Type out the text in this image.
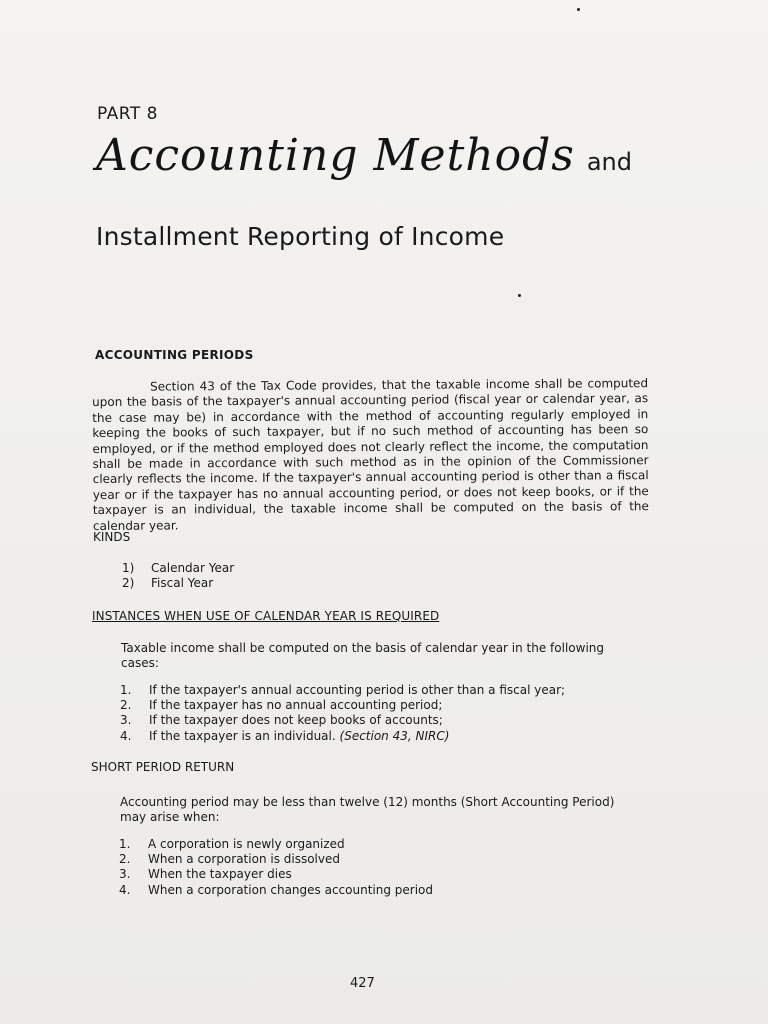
PART 8
Accounting Methods and
Installment Reporting of Income
ACCOUNTING PERIODS

Section 43 of the Tax Code provides, that the taxable income shall be computed upon the basis of the taxpayer's annual accounting period (fiscal year or calendar year, as the case may be) in accordance with the method of accounting regularly employed in keeping the books of such taxpayer, but if no such method of accounting has been so employed, or if the method employed does not clearly reflect the income, the computation shall be made in accordance with such method as in the opinion of the Commissioner clearly reflects the income. If the taxpayer's annual accounting period is other than a fiscal year or if the taxpayer has no annual accounting period, or does not keep books, or if the taxpayer is an individual, the taxable income shall be computed on the basis of the calendar year.

KINDS
1)	Calendar Year
2)	Fiscal Year
INSTANCES WHEN USE OF CALENDAR YEAR IS REQUIRED

Taxable income shall be computed on the basis of calendar year in the following cases:

1.	If the taxpayer's annual accounting period is other than a fiscal year;
2.	If the taxpayer has no annual accounting period;
3.	If the taxpayer does not keep books of accounts;
4.	If the taxpayer is an individual.
(Section 43, NIRC)
SHORT PERIOD RETURN

Accounting period may be less than twelve (12) months (Short Accounting Period) may arise when:

1.	A corporation is newly organized
2.	When a corporation is dissolved
3.	When the taxpayer dies
4.	When a corporation changes accounting period
427
